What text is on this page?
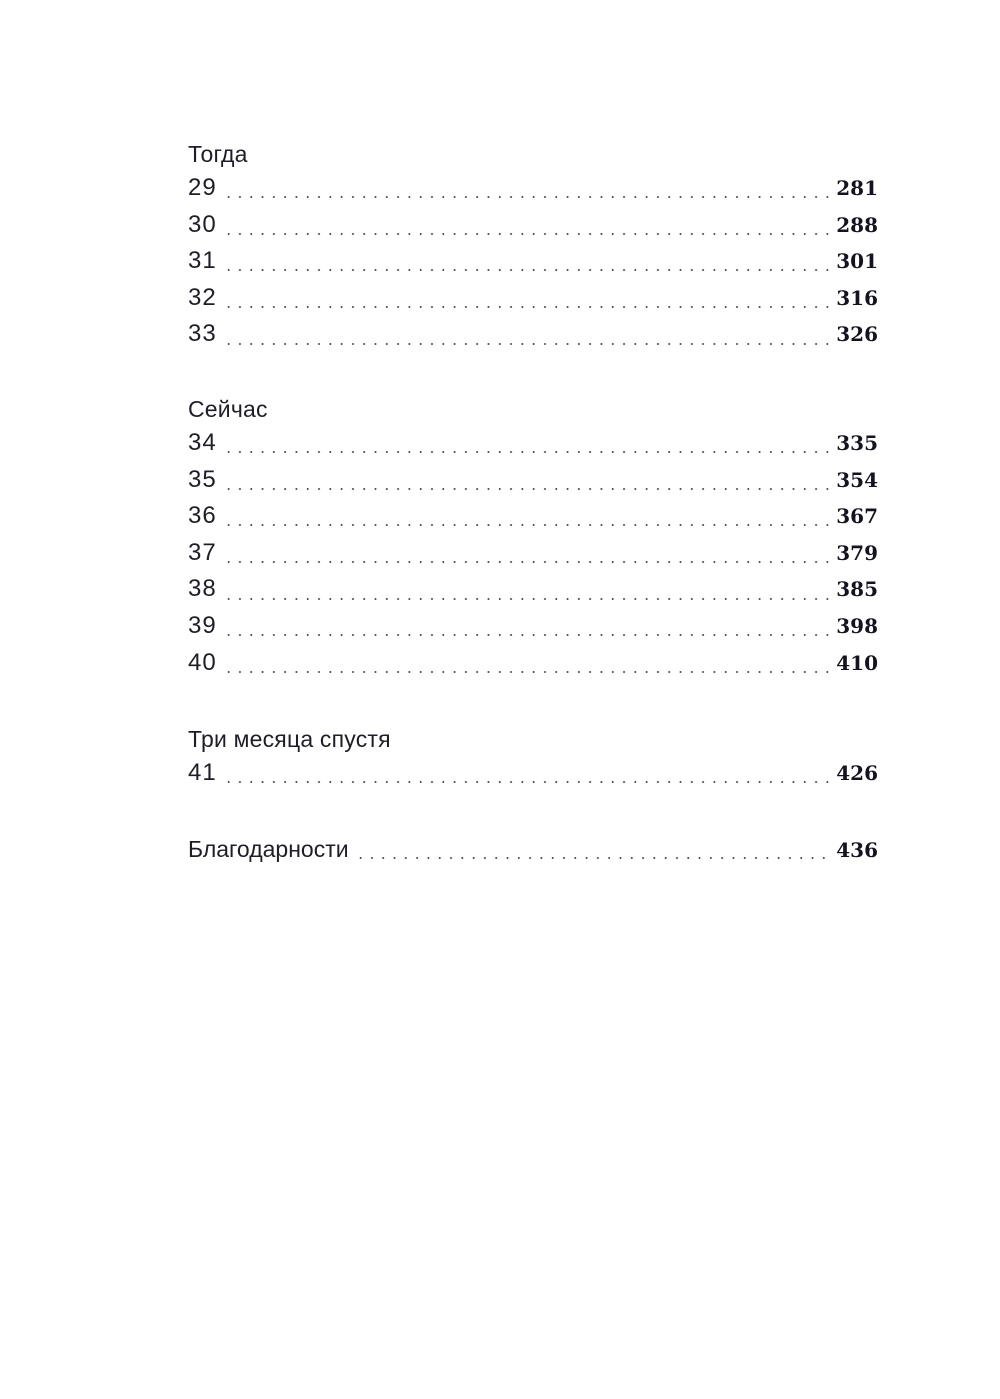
Тогда
29	281
30	288
31	301
32	316
33	326
Сейчас
34	335
35	354
36	367
37	379
38	385
39	398
40	410
Три месяца спустя
41	426
Благодарности	436
